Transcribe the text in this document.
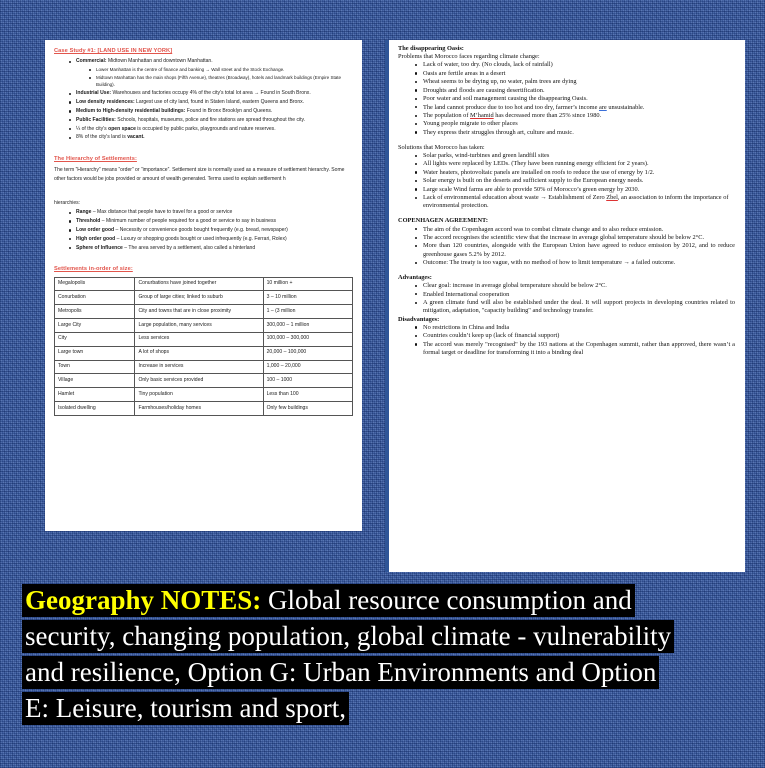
Case Study #1: [LAND USE IN NEW YORK]
Commercial: Midtown Manhattan and downtown Manhattan.
Lower Manhattan is the centre of finance and banking → Wall street and the Stock Exchange.
Midtown Manhattan has the main shops (Fifth Avenue), theatres (Broadway), hotels and landmark buildings (Empire State Building).
Industrial Use: Warehouses and factories occupy 4% of the city's total lot area → Found in South Bronx.
Low density residences: Largest use of city land, found in Staten Island, eastern Queens and Bronx.
Medium to High-density residential buildings: Found in Bronx Brooklyn and Queens.
Public Facilities: Schools, hospitals, museums, police and fire stations are spread throughout the city.
¼ of the city's open space is occupied by public parks, playgrounds and nature reserves.
8% of the city's land is vacant.
The Hierarchy of Settlements:
The term “Hierarchy” means “order” or “importance”. Settlement size is normally used as a measure of settlement hierarchy. Some other factors would be jobs provided or amount of wealth generated. Terms used to explain settlement h
hierarchies:
Range – Max distance that people have to travel for a good or service
Threshold – Minimum number of people required for a good or service to say in business
Low order good – Necessity or convenience goods bought frequently (e.g. bread, newspaper)
High order good – Luxury or shopping goods bought or used infrequently (e.g. Ferrari, Rolex)
Sphere of Influence – The area served by a settlement, also called a hinterland
Settlements in-order of size:
Megalopolis	Conurbations have joined together	10 million +
Conurbation	Group of large cities; linked to suburb	3 – 10 million
Metropolis	City and towns that are in close proximity	1 – (3 million
Large City	Large population, many services	300,000 – 1 million
City	Less services	100,000 – 300,000
Large town	A lot of shops	20,000 – 100,000
Town	Increase in services	1,000 – 20,000
Village	Only basic services provided	100 – 1000
Hamlet	Tiny population	Less than 100
Isolated dwelling	Farmhouses/holiday homes	Only few buildings
The disappearing Oasis:
Problems that Morocco faces regarding climate change:
Lack of water, too dry. (No clouds, lack of rainfall)
Oasis are fertile areas in a desert
Wheat seems to be drying up, no water, palm trees are dying
Droughts and floods are causing desertification.
Poor water and soil management causing the disappearing Oasis.
The land cannot produce due to too hot and too dry, farmer’s income are unsustainable.
The population of M’hamid has decreased more than 25% since 1980.
Young people migrate to other places
They express their struggles through art, culture and music.
Solutions that Morocco has taken:
Solar parks, wind-turbines and green landfill sites
All lights were replaced by LEDs. (They have been running energy efficient for 2 years).
Water heaters, photovoltaic panels are installed on roofs to reduce the use of energy by 1/2.
Solar energy is built on the deserts and sufficient supply to the European energy needs.
Large scale Wind farms are able to provide 50% of Morocco’s green energy by 2030.
Lack of environmental education about waste → Establishment of Zero Zbel, an association to inform the importance of environmental protection.
COPENHAGEN AGREEMENT:
The aim of the Copenhagen accord was to combat climate change and to also reduce emission.
The accord recognises the scientific view that the increase in average global temperature should be below 2°C.
More than 120 countries, alongside with the European Union have agreed to reduce emission by 2012, and to reduce greenhouse gases 5.2% by 2012.
Outcome: The treaty is too vague, with no method of how to limit temperature → a failed outcome.
Advantages:
Clear goal: increase in average global temperature should be below 2°C.
Enabled International cooperation
A green climate fund will also be established under the deal. It will support projects in developing countries related to mitigation, adaptation, "capacity building" and technology transfer.
Disadvantages:
No restrictions in China and India
Countries couldn’t keep up (lack of financial support)
The accord was merely "recognised" by the 193 nations at the Copenhagen summit, rather than approved, there wasn’t a formal target or deadline for transforming it into a binding deal
Geography NOTES: Global resource consumption and
security, changing population, global climate - vulnerability
and resilience, Option G: Urban Environments and Option
E: Leisure, tourism and sport,
